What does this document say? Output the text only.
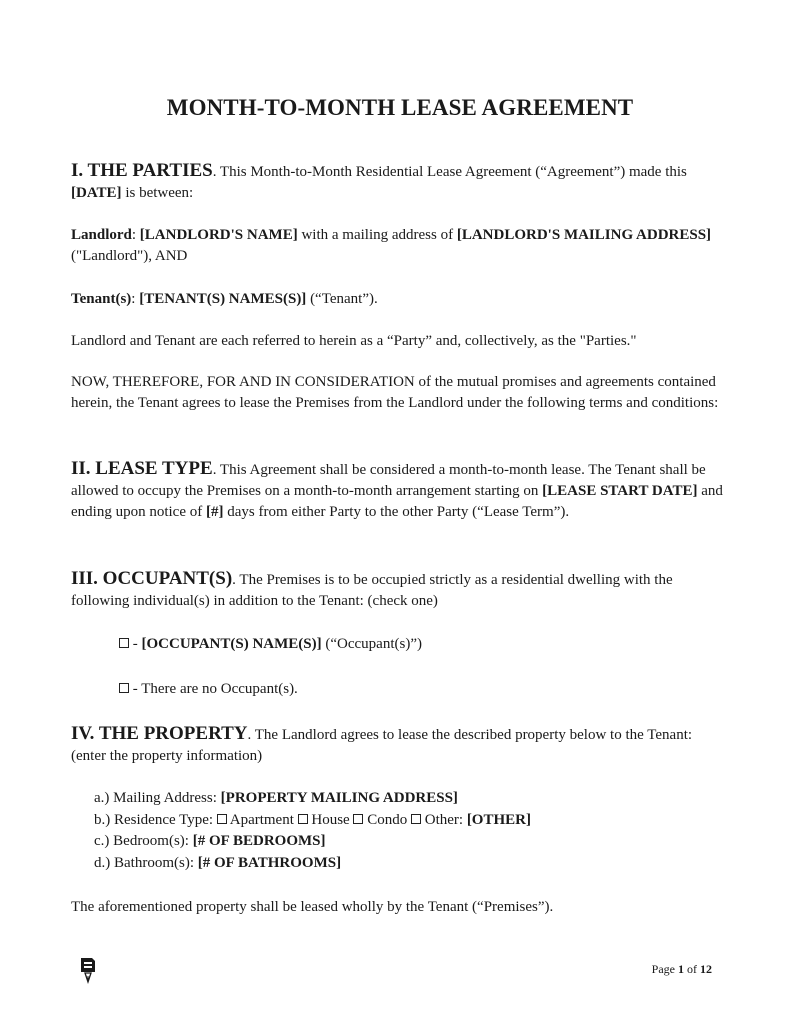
MONTH-TO-MONTH LEASE AGREEMENT
I. THE PARTIES. This Month-to-Month Residential Lease Agreement (“Agreement”) made this [DATE] is between:
Landlord: [LANDLORD'S NAME] with a mailing address of [LANDLORD'S MAILING ADDRESS] ("Landlord"), AND
Tenant(s): [TENANT(S) NAMES(S)] (“Tenant”).
Landlord and Tenant are each referred to herein as a “Party” and, collectively, as the "Parties."
NOW, THEREFORE, FOR AND IN CONSIDERATION of the mutual promises and agreements contained herein, the Tenant agrees to lease the Premises from the Landlord under the following terms and conditions:
II. LEASE TYPE. This Agreement shall be considered a month-to-month lease. The Tenant shall be allowed to occupy the Premises on a month-to-month arrangement starting on [LEASE START DATE] and ending upon notice of [#] days from either Party to the other Party (“Lease Term”).
III. OCCUPANT(S). The Premises is to be occupied strictly as a residential dwelling with the following individual(s) in addition to the Tenant: (check one)
- [OCCUPANT(S) NAME(S)] (“Occupant(s)”)
- There are no Occupant(s).
IV. THE PROPERTY. The Landlord agrees to lease the described property below to the Tenant: (enter the property information)
a.) Mailing Address: [PROPERTY MAILING ADDRESS]
b.) Residence Type:  Apartment  House  Condo  Other: [OTHER]
c.) Bedroom(s): [# OF BEDROOMS]
d.) Bathroom(s): [# OF BATHROOMS]
The aforementioned property shall be leased wholly by the Tenant (“Premises”).
Page 1 of 12
